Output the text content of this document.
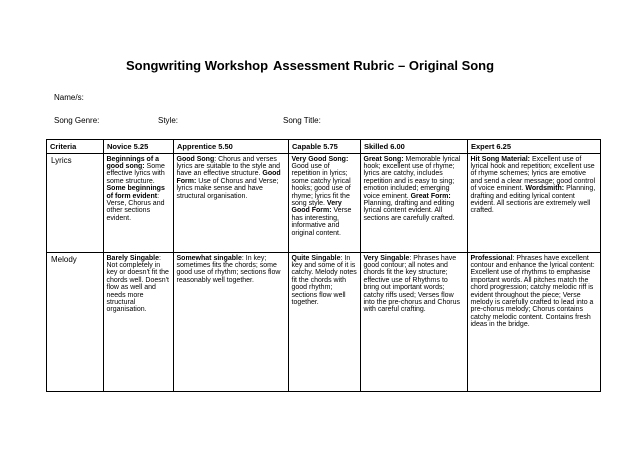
Songwriting Workshop Assessment Rubric – Original Song
Name/s:
Song Genre:	Style:	Song Title:
Criteria	Novice 5.25	Apprentice 5.50	Capable 5.75	Skilled 6.00	Expert 6.25
Lyrics	Beginnings of a good song: Some effective lyrics with some structure. Some beginnings of form evident: Verse, Chorus and other sections evident.	Good Song: Chorus and verses lyrics are suitable to the style and have an effective structure. Good Form: Use of Chorus and Verse; lyrics make sense and have structural organisation.	Very Good Song: Good use of repetition in lyrics; some catchy lyrical hooks; good use of rhyme; lyrics fit the song style. Very Good Form: Verse has interesting, informative and original content.	Great Song: Memorable lyrical hook; excellent use of rhyme; lyrics are catchy, includes repetition and is easy to sing; emotion included; emerging voice eminent. Great Form: Planning, drafting and editing lyrical content evident. All sections are carefully crafted.	Hit Song Material: Excellent use of lyrical hook and repetition; excellent use of rhyme schemes; lyrics are emotive and send a clear message; good control of voice eminent. Wordsmith: Planning, drafting and editing lyrical content evident. All sections are extremely well crafted.
Melody	Barely Singable: Not completely in key or doesn't fit the chords well. Doesn't flow as well and needs more structural organisation.	Somewhat singable: In key; sometimes fits the chords; some good use of rhythm; sections flow reasonably well together.	Quite Singable: In key and some of it is catchy. Melody notes fit the chords with good rhythm; sections flow well together.	Very Singable: Phrases have good contour; all notes and chords fit the key structure; effective use of Rhythms to bring out important words; catchy riffs used; Verses flow into the pre-chorus and Chorus with careful crafting.	Professional: Phrases have excellent contour and enhance the lyrical content: Excellent use of rhythms to emphasise important words. All pitches match the chord progression; catchy melodic riff is evident throughout the piece; Verse melody is carefully crafted to lead into a pre-chorus melody; Chorus contains catchy melodic content. Contains fresh ideas in the bridge.
